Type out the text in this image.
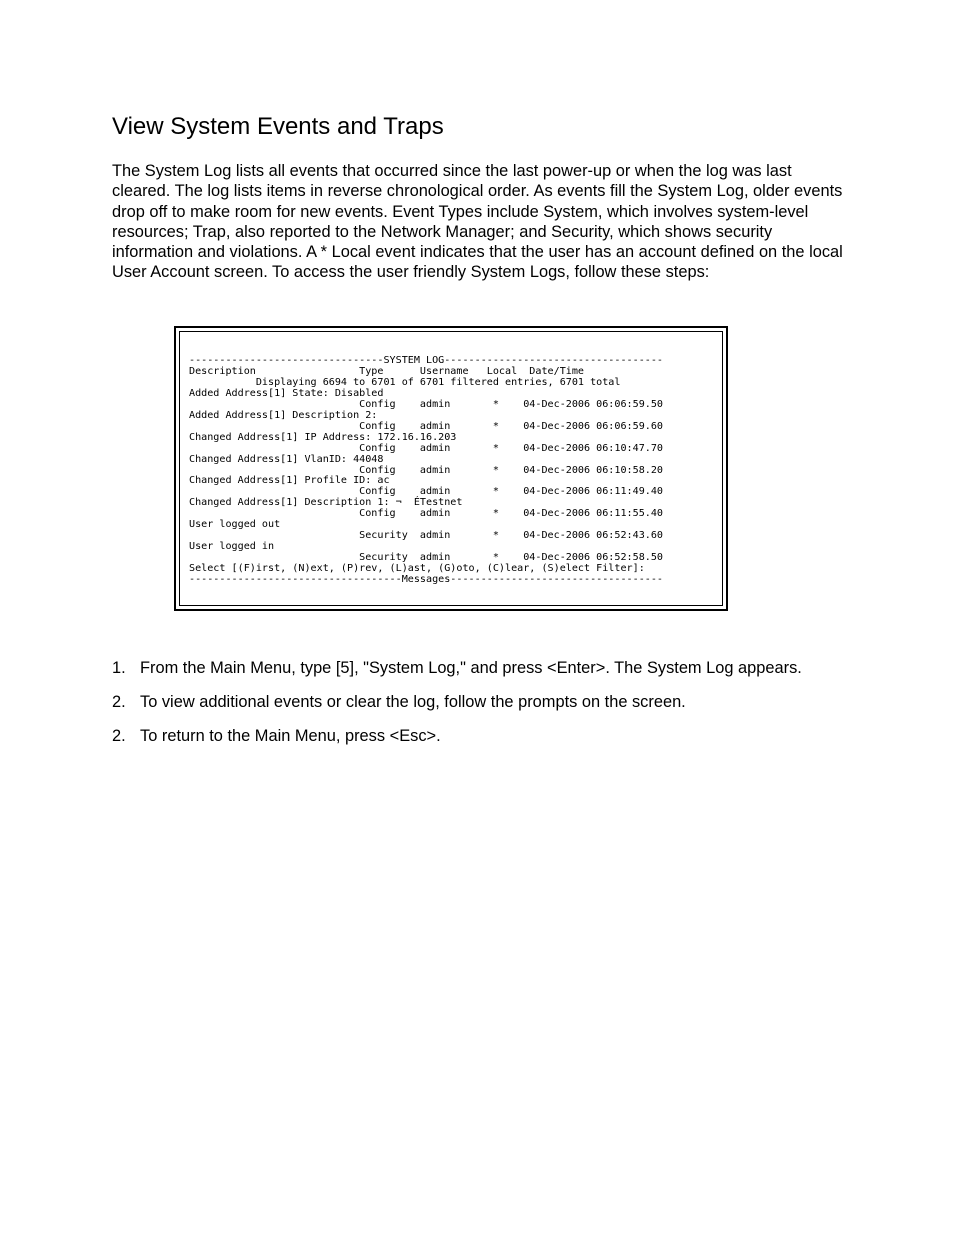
View System Events and Traps

The System Log lists all events that occurred since the last power-up or when the log was last cleared. The log lists items in reverse chronological order. As events fill the System Log, older events drop off to make room for new events. Event Types include System, which involves system-level resources; Trap, also reported to the Network Manager; and Security, which shows security information and violations. A * Local event indicates that the user has an account defined on the local User Account screen. To access the user friendly System Logs, follow these steps:

--------------------------------SYSTEM LOG------------------------------------
Description                 Type      Username   Local  Date/Time
Displaying 6694 to 6701 of 6701 filtered entries, 6701 total
Added Address[1] State: Disabled
Config    admin       *    04-Dec-2006 06:06:59.50
Added Address[1] Description 2:
Config    admin       *    04-Dec-2006 06:06:59.60
Changed Address[1] IP Address: 172.16.16.203
Config    admin       *    04-Dec-2006 06:10:47.70
Changed Address[1] VlanID: 44048
Config    admin       *    04-Dec-2006 06:10:58.20
Changed Address[1] Profile ID: ac
Config    admin       *    04-Dec-2006 06:11:49.40
Changed Address[1] Description 1: ¬  ÉTestnet
Config    admin       *    04-Dec-2006 06:11:55.40
User logged out
Security  admin       *    04-Dec-2006 06:52:43.60
User logged in
Security  admin       *    04-Dec-2006 06:52:58.50
Select [(F)irst, (N)ext, (P)rev, (L)ast, (G)oto, (C)lear, (S)elect Filter]:
-----------------------------------Messages-----------------------------------
1. From the Main Menu, type [5], "System Log," and press <Enter>. The System Log appears.
2. To view additional events or clear the log, follow the prompts on the screen.
2. To return to the Main Menu, press <Esc>.
